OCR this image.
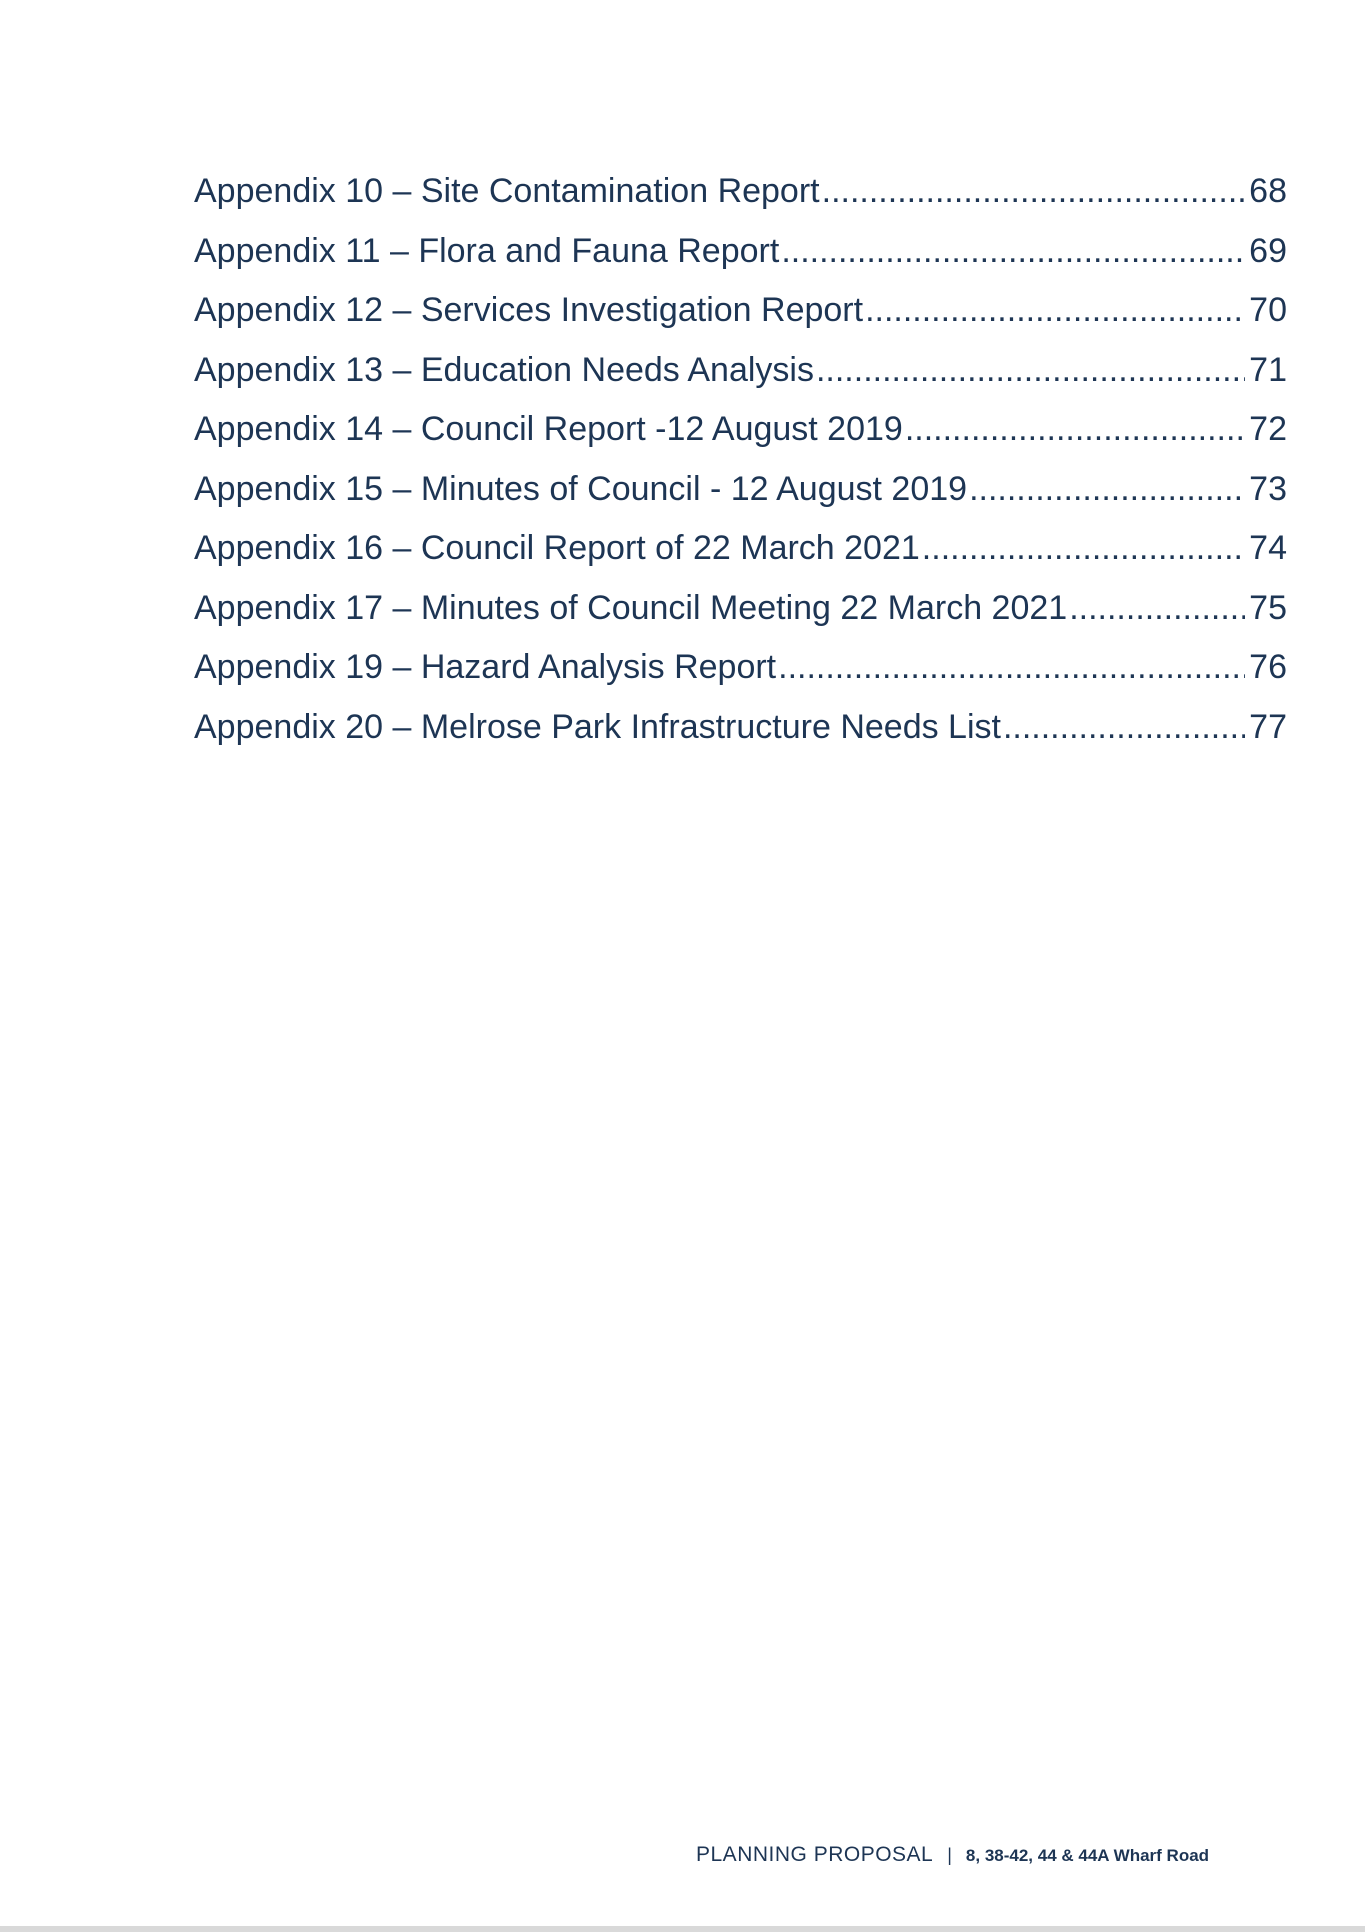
Appendix 10 – Site Contamination Report .....	68
Appendix 11 – Flora and Fauna Report .....	69
Appendix 12 – Services Investigation Report .....	70
Appendix 13 – Education Needs Analysis .....	71
Appendix 14 – Council Report -12 August 2019 .....	72
Appendix 15 – Minutes of Council - 12 August 2019 .....	73
Appendix 16 – Council Report of 22 March 2021 .....	74
Appendix 17 – Minutes of Council Meeting 22 March 2021 .....	75
Appendix 19 – Hazard Analysis Report .....	76
Appendix 20 – Melrose Park Infrastructure Needs List .....	77
PLANNING PROPOSAL | 8, 38-42, 44 & 44A Wharf Road
